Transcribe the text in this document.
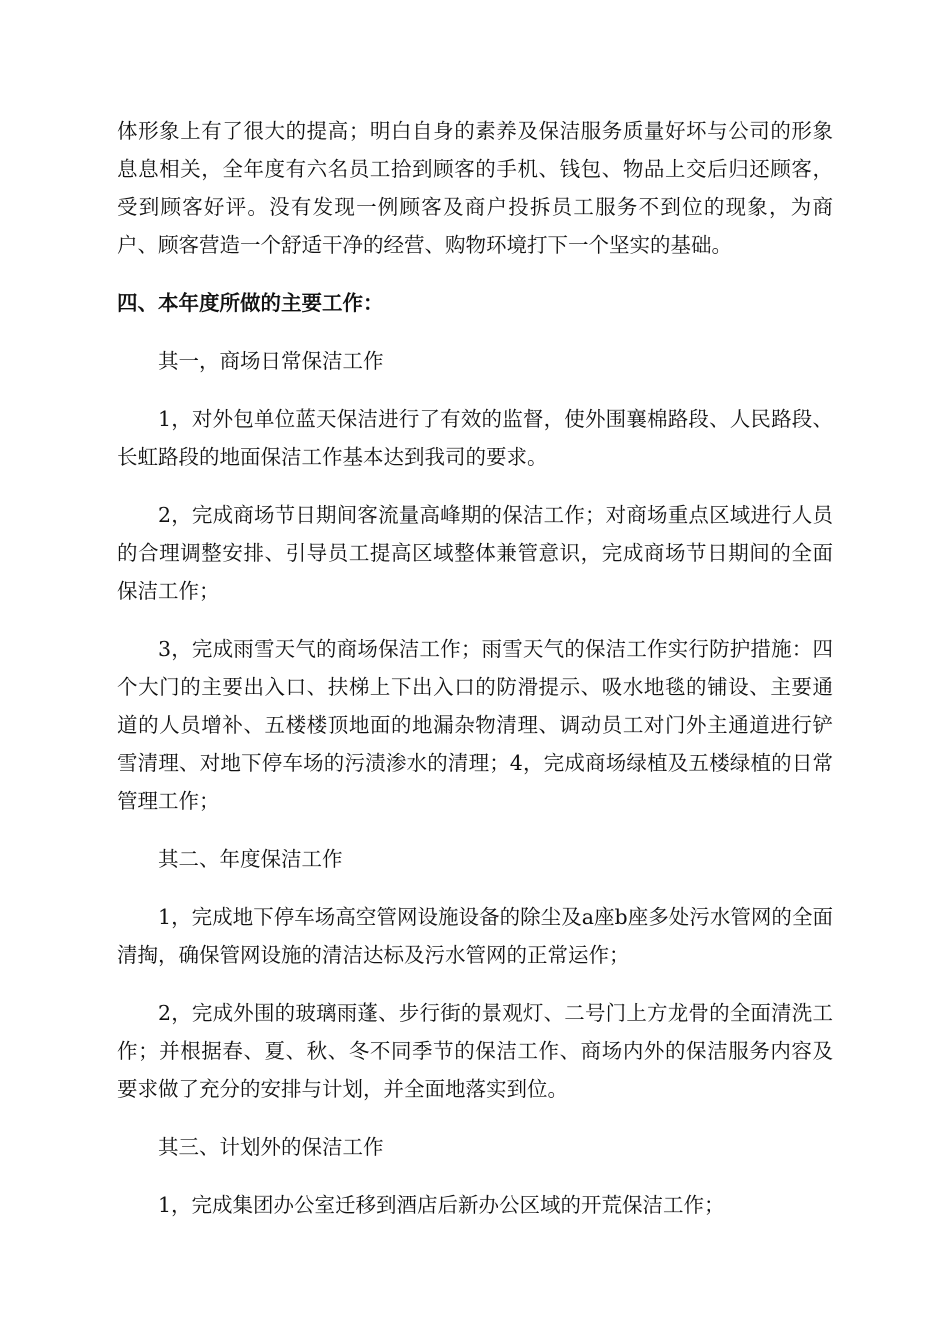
体形象上有了很大的提高；明白自身的素养及保洁服务质量好坏与公司的形象息息相关，全年度有六名员工拾到顾客的手机、钱包、物品上交后归还顾客，受到顾客好评。没有发现一例顾客及商户投拆员工服务不到位的现象，为商户、顾客营造一个舒适干净的经营、购物环境打下一个坚实的基础。

四、本年度所做的主要工作：

其一，商场日常保洁工作

1，对外包单位蓝天保洁进行了有效的监督，使外围襄棉路段、人民路段、长虹路段的地面保洁工作基本达到我司的要求。

2，完成商场节日期间客流量高峰期的保洁工作；对商场重点区域进行人员的合理调整安排、引导员工提高区域整体兼管意识，完成商场节日期间的全面保洁工作；

3，完成雨雪天气的商场保洁工作；雨雪天气的保洁工作实行防护措施：四个大门的主要出入口、扶梯上下出入口的防滑提示、吸水地毯的铺设、主要通道的人员增补、五楼楼顶地面的地漏杂物清理、调动员工对门外主通道进行铲雪清理、对地下停车场的污渍渗水的清理；4，完成商场绿植及五楼绿植的日常管理工作；

其二、年度保洁工作

1，完成地下停车场高空管网设施设备的除尘及a座b座多处污水管网的全面清掏，确保管网设施的清洁达标及污水管网的正常运作；

2，完成外围的玻璃雨蓬、步行街的景观灯、二号门上方龙骨的全面清洗工作；并根据春、夏、秋、冬不同季节的保洁工作、商场内外的保洁服务内容及要求做了充分的安排与计划，并全面地落实到位。

其三、计划外的保洁工作

1，完成集团办公室迁移到酒店后新办公区域的开荒保洁工作；
